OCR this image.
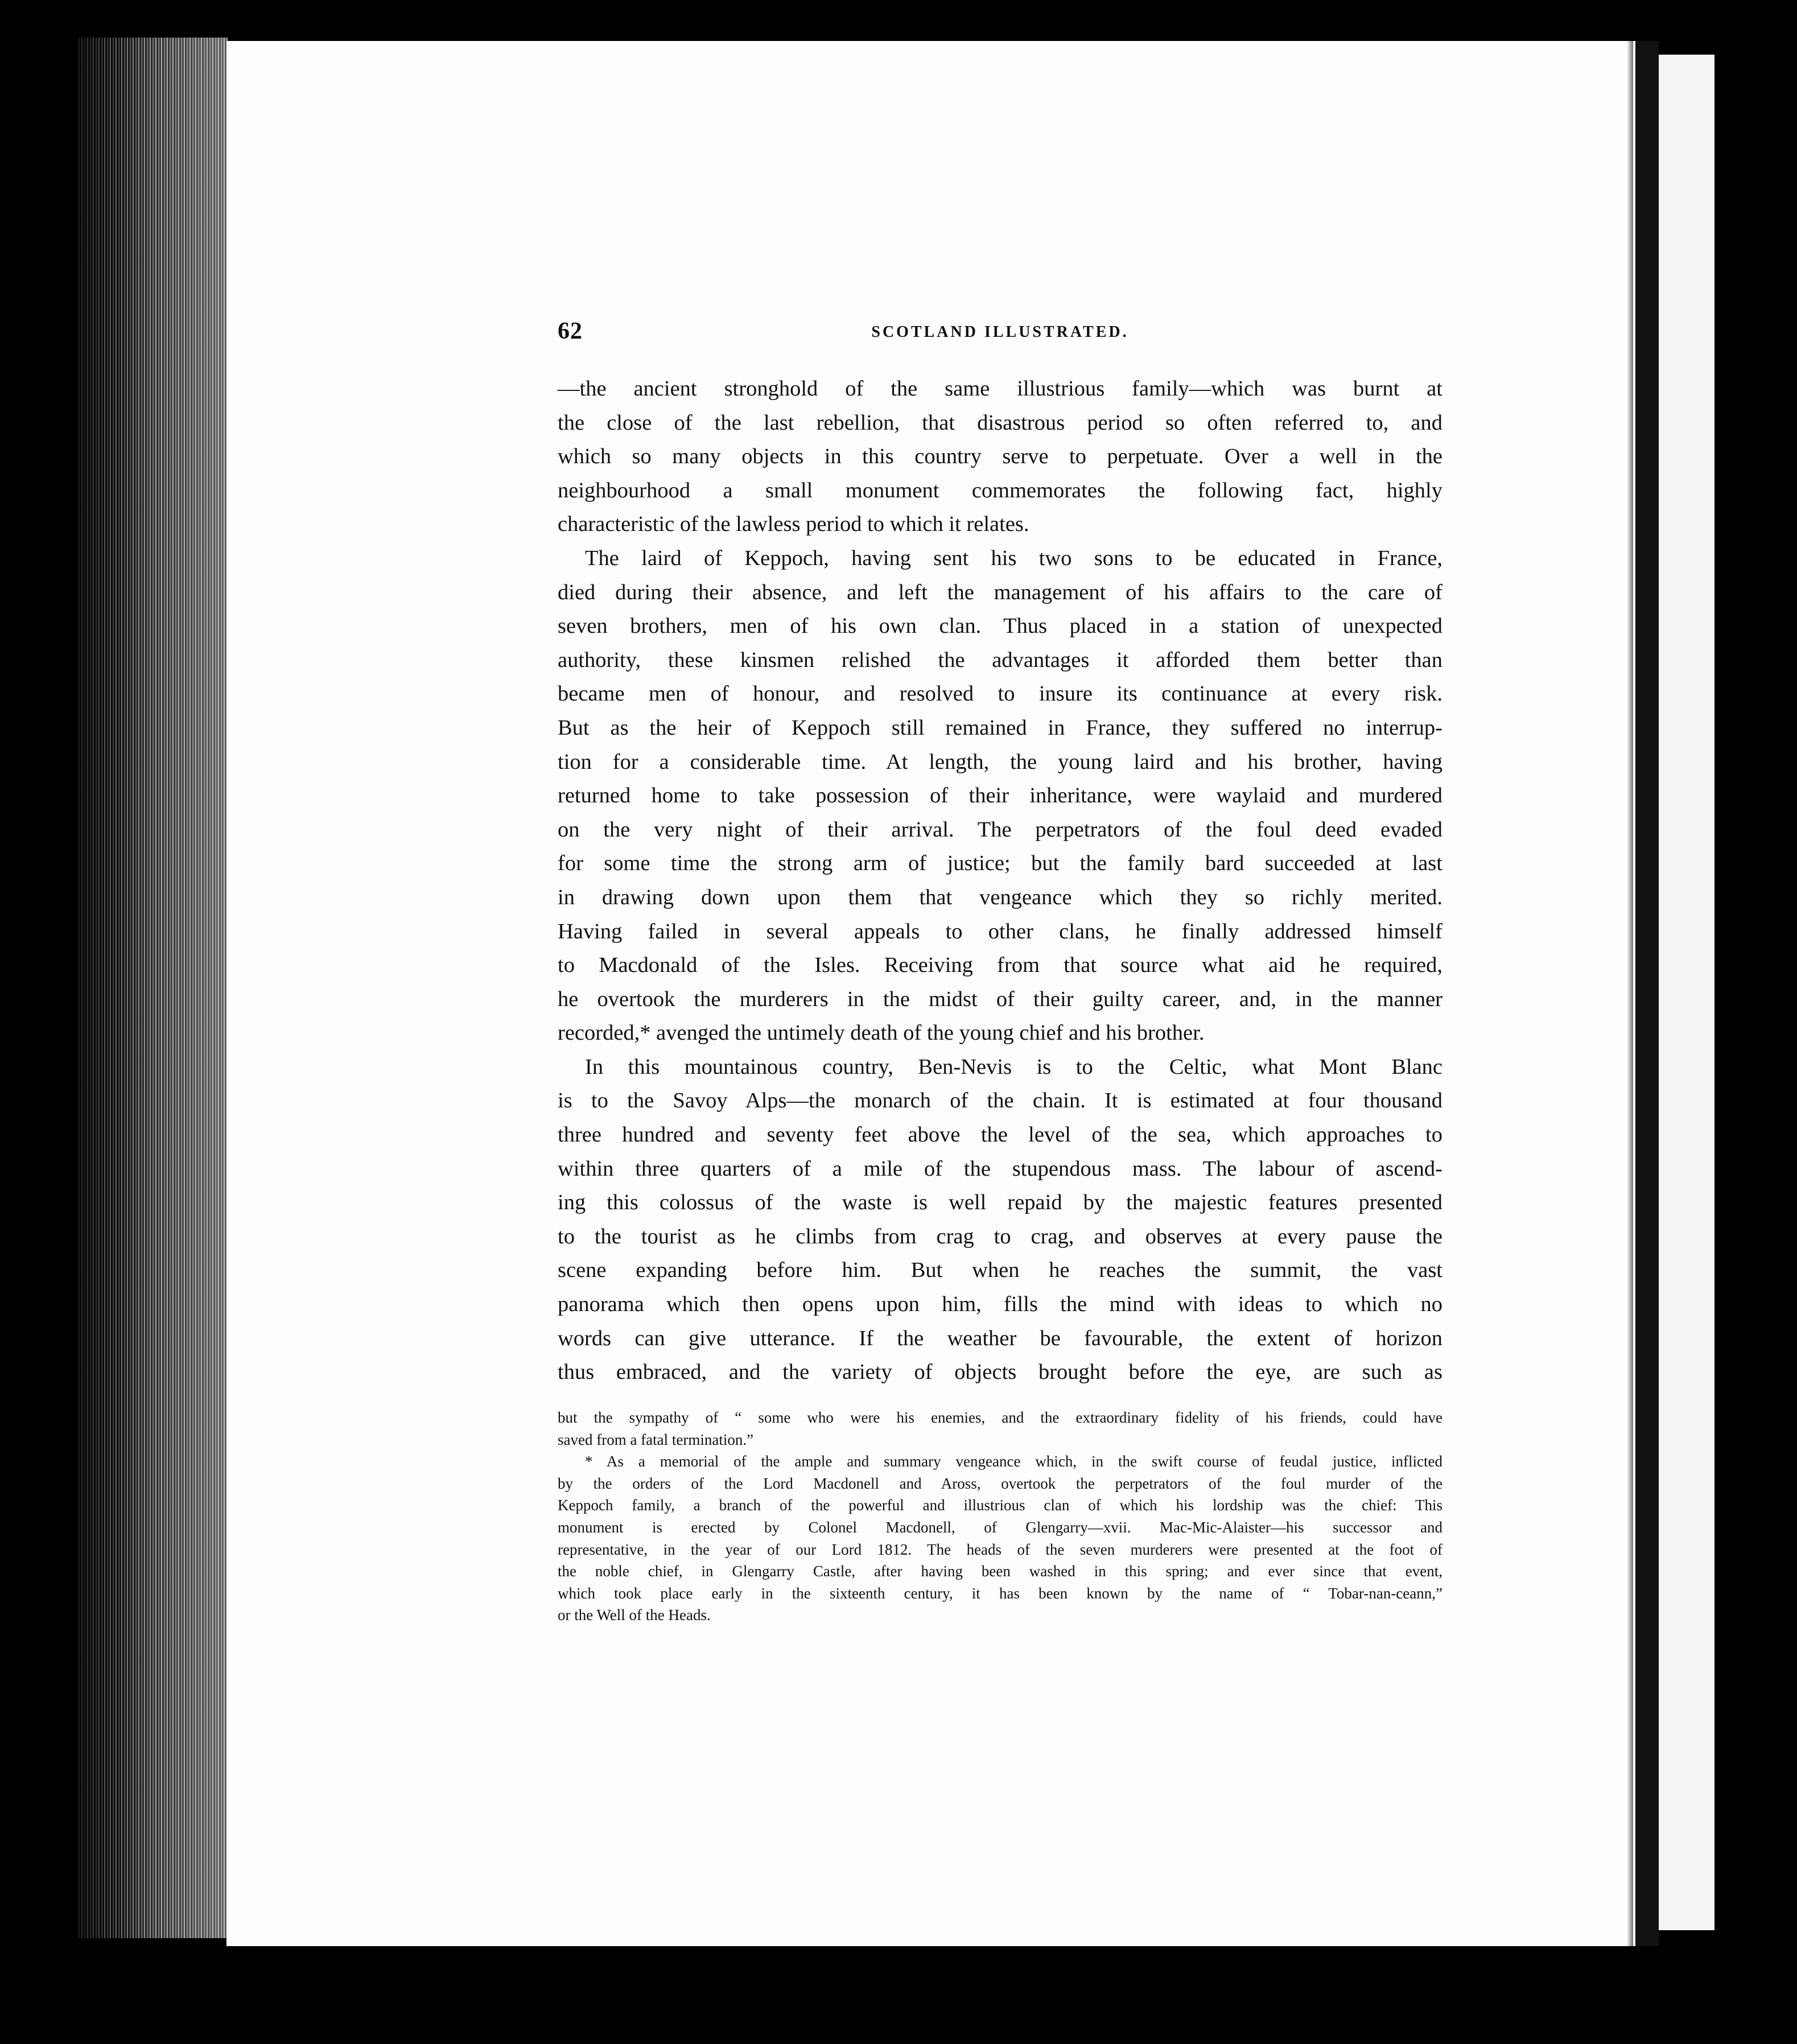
62	SCOTLAND ILLUSTRATED.
—the ancient stronghold of the same illustrious family—which was burnt at
the close of the last rebellion, that disastrous period so often referred to, and
which so many objects in this country serve to perpetuate. Over a well in the
neighbourhood a small monument commemorates the following fact, highly
characteristic of the lawless period to which it relates.
The laird of Keppoch, having sent his two sons to be educated in France,
died during their absence, and left the management of his affairs to the care of
seven brothers, men of his own clan. Thus placed in a station of unexpected
authority, these kinsmen relished the advantages it afforded them better than
became men of honour, and resolved to insure its continuance at every risk.
But as the heir of Keppoch still remained in France, they suffered no interrup-
tion for a considerable time. At length, the young laird and his brother, having
returned home to take possession of their inheritance, were waylaid and murdered
on the very night of their arrival. The perpetrators of the foul deed evaded
for some time the strong arm of justice; but the family bard succeeded at last
in drawing down upon them that vengeance which they so richly merited.
Having failed in several appeals to other clans, he finally addressed himself
to Macdonald of the Isles. Receiving from that source what aid he required,
he overtook the murderers in the midst of their guilty career, and, in the manner
recorded,* avenged the untimely death of the young chief and his brother.
In this mountainous country, Ben-Nevis is to the Celtic, what Mont Blanc
is to the Savoy Alps—the monarch of the chain. It is estimated at four thousand
three hundred and seventy feet above the level of the sea, which approaches to
within three quarters of a mile of the stupendous mass. The labour of ascend-
ing this colossus of the waste is well repaid by the majestic features presented
to the tourist as he climbs from crag to crag, and observes at every pause the
scene expanding before him. But when he reaches the summit, the vast
panorama which then opens upon him, fills the mind with ideas to which no
words can give utterance. If the weather be favourable, the extent of horizon
thus embraced, and the variety of objects brought before the eye, are such as
but the sympathy of “ some who were his enemies, and the extraordinary fidelity of his friends, could have
saved from a fatal termination.”
* As a memorial of the ample and summary vengeance which, in the swift course of feudal justice, inflicted
by the orders of the Lord Macdonell and Aross, overtook the perpetrators of the foul murder of the
Keppoch family, a branch of the powerful and illustrious clan of which his lordship was the chief: This
monument is erected by Colonel Macdonell, of Glengarry—xvii. Mac-Mic-Alaister—his successor and
representative, in the year of our Lord 1812. The heads of the seven murderers were presented at the foot of
the noble chief, in Glengarry Castle, after having been washed in this spring; and ever since that event,
which took place early in the sixteenth century, it has been known by the name of “ Tobar-nan-ceann,”
or the Well of the Heads.
